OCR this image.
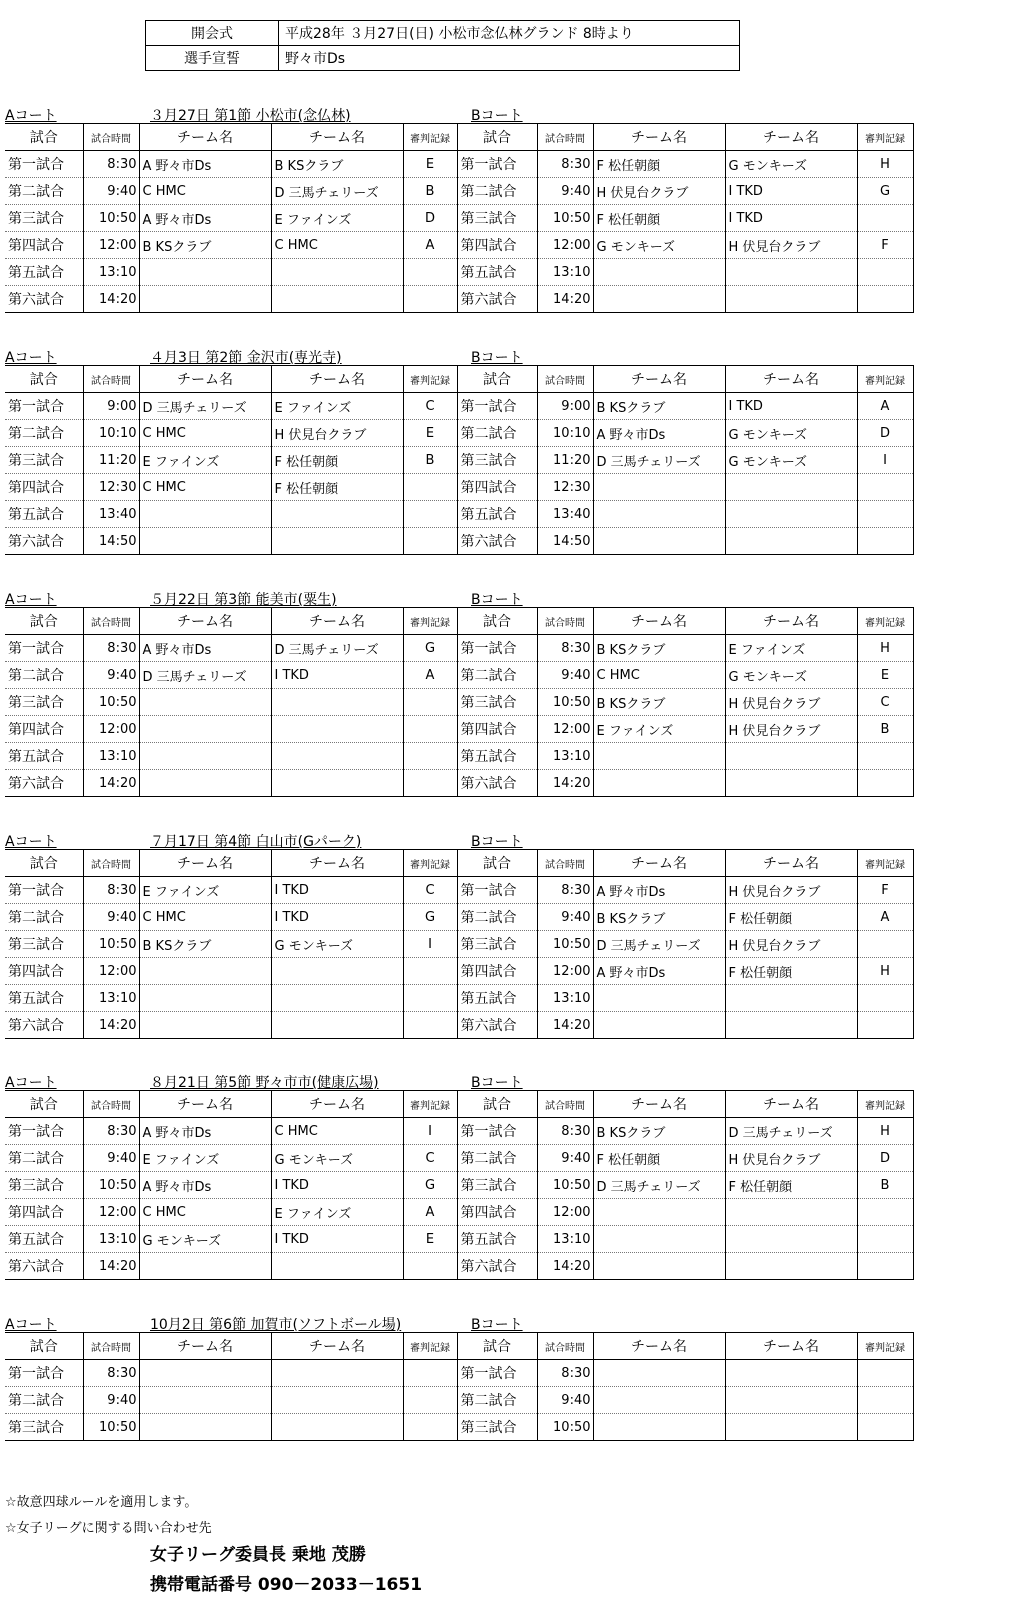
開会式	平成28年 ３月27日(日) 小松市念仏林グランド 8時より
選手宣誓	野々市Ds
Aコート	３月27日 第1節 小松市(念仏林)	Bコート
試合	試合時間	チーム名	チーム名	審判記録	試合	試合時間	チーム名	チーム名	審判記録
第一試合	8:30	A 野々市Ds	B KSクラブ	E	第一試合	8:30	F 松任朝顔	G モンキーズ	H
第二試合	9:40	C HMC	D 三馬チェリーズ	B	第二試合	9:40	H 伏見台クラブ	I TKD	G
第三試合	10:50	A 野々市Ds	E ファインズ	D	第三試合	10:50	F 松任朝顔	I TKD	
第四試合	12:00	B KSクラブ	C HMC	A	第四試合	12:00	G モンキーズ	H 伏見台クラブ	F
第五試合	13:10				第五試合	13:10			
第六試合	14:20				第六試合	14:20			
Aコート	４月3日 第2節 金沢市(専光寺)	Bコート
試合	試合時間	チーム名	チーム名	審判記録	試合	試合時間	チーム名	チーム名	審判記録
第一試合	9:00	D 三馬チェリーズ	E ファインズ	C	第一試合	9:00	B KSクラブ	I TKD	A
第二試合	10:10	C HMC	H 伏見台クラブ	E	第二試合	10:10	A 野々市Ds	G モンキーズ	D
第三試合	11:20	E ファインズ	F 松任朝顔	B	第三試合	11:20	D 三馬チェリーズ	G モンキーズ	I
第四試合	12:30	C HMC	F 松任朝顔		第四試合	12:30			
第五試合	13:40				第五試合	13:40			
第六試合	14:50				第六試合	14:50			
Aコート	５月22日 第3節 能美市(粟生)	Bコート
試合	試合時間	チーム名	チーム名	審判記録	試合	試合時間	チーム名	チーム名	審判記録
第一試合	8:30	A 野々市Ds	D 三馬チェリーズ	G	第一試合	8:30	B KSクラブ	E ファインズ	H
第二試合	9:40	D 三馬チェリーズ	I TKD	A	第二試合	9:40	C HMC	G モンキーズ	E
第三試合	10:50				第三試合	10:50	B KSクラブ	H 伏見台クラブ	C
第四試合	12:00				第四試合	12:00	E ファインズ	H 伏見台クラブ	B
第五試合	13:10				第五試合	13:10			
第六試合	14:20				第六試合	14:20			
Aコート	７月17日 第4節 白山市(Gパーク)	Bコート
試合	試合時間	チーム名	チーム名	審判記録	試合	試合時間	チーム名	チーム名	審判記録
第一試合	8:30	E ファインズ	I TKD	C	第一試合	8:30	A 野々市Ds	H 伏見台クラブ	F
第二試合	9:40	C HMC	I TKD	G	第二試合	9:40	B KSクラブ	F 松任朝顔	A
第三試合	10:50	B KSクラブ	G モンキーズ	I	第三試合	10:50	D 三馬チェリーズ	H 伏見台クラブ	
第四試合	12:00				第四試合	12:00	A 野々市Ds	F 松任朝顔	H
第五試合	13:10				第五試合	13:10			
第六試合	14:20				第六試合	14:20			
Aコート	８月21日 第5節 野々市市(健康広場)	Bコート
試合	試合時間	チーム名	チーム名	審判記録	試合	試合時間	チーム名	チーム名	審判記録
第一試合	8:30	A 野々市Ds	C HMC	I	第一試合	8:30	B KSクラブ	D 三馬チェリーズ	H
第二試合	9:40	E ファインズ	G モンキーズ	C	第二試合	9:40	F 松任朝顔	H 伏見台クラブ	D
第三試合	10:50	A 野々市Ds	I TKD	G	第三試合	10:50	D 三馬チェリーズ	F 松任朝顔	B
第四試合	12:00	C HMC	E ファインズ	A	第四試合	12:00			
第五試合	13:10	G モンキーズ	I TKD	E	第五試合	13:10			
第六試合	14:20				第六試合	14:20			
Aコート	10月2日 第6節 加賀市(ソフトボール場)	Bコート
試合	試合時間	チーム名	チーム名	審判記録	試合	試合時間	チーム名	チーム名	審判記録
第一試合	8:30				第一試合	8:30			
第二試合	9:40				第二試合	9:40			
第三試合	10:50				第三試合	10:50			
☆故意四球ルールを適用します。
☆女子リーグに関する問い合わせ先
女子リーグ委員長 乗地 茂勝
携帯電話番号 090－2033－1651
